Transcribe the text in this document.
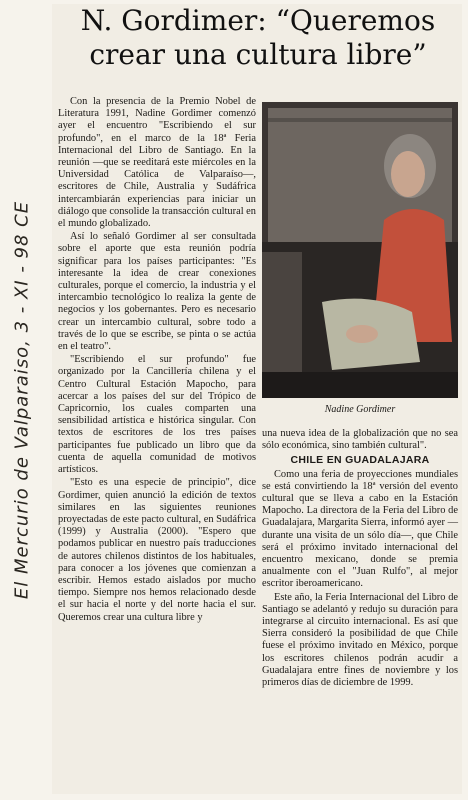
El Mercurio de Valparaiso, 3 - XI - 98 CE
N. Gordimer: “Queremos crear una cultura libre”

Con la presencia de la Premio Nobel de Literatura 1991, Nadine Gordimer comenzó ayer el encuentro "Escribiendo el sur profundo", en el marco de la 18ª Feria Internacional del Libro de Santiago. En la reunión —que se reeditará este miércoles en la Universidad Católica de Valparaíso—, escritores de Chile, Australia y Sudáfrica intercambiarán experiencias para iniciar un diálogo que consolide la transacción cultural en el mundo globalizado.

Así lo señaló Gordimer al ser consultada sobre el aporte que esta reunión podría significar para los países participantes: "Es interesante la idea de crear conexiones culturales, porque el comercio, la industria y el intercambio tecnológico lo realiza la gente de negocios y los gobernantes. Pero es necesario crear un intercambio cultural, sobre todo a través de lo que se escribe, se pinta o se actúa en el teatro".

"Escribiendo el sur profundo" fue organizado por la Cancillería chilena y el Centro Cultural Estación Mapocho, para acercar a los países del sur del Trópico de Capricornio, los cuales comparten una sensibilidad artística e histórica singular. Con textos de escritores de los tres países participantes fue publicado un libro que da cuenta de aquella comunidad de motivos artísticos.

"Esto es una especie de principio", dice Gordimer, quien anunció la edición de textos similares en las siguientes reuniones proyectadas de este pacto cultural, en Sudáfrica (1999) y Australia (2000). "Espero que podamos publicar en nuestro país traducciones de autores chilenos distintos de los habituales, para conocer a los jóvenes que comienzan a escribir. Hemos estado aislados por mucho tiempo. Siempre nos hemos relacionado desde el sur hacia el norte y del norte hacia el sur. Queremos crear una cultura libre y

Nadine Gordimer

una nueva idea de la globalización que no sea sólo económica, sino también cultural".

CHILE EN GUADALAJARA

Como una feria de proyecciones mundiales se está convirtiendo la 18ª versión del evento cultural que se lleva a cabo en la Estación Mapocho. La directora de la Feria del Libro de Guadalajara, Margarita Sierra, informó ayer —durante una visita de un sólo día—, que Chile será el próximo invitado internacional del encuentro mexicano, donde se premia anualmente con el "Juan Rulfo", al mejor escritor iberoamericano.

Este año, la Feria Internacional del Libro de Santiago se adelantó y redujo su duración para integrarse al circuito internacional. Es así que Sierra consideró la posibilidad de que Chile fuese el próximo invitado en México, porque los escritores chilenos podrán acudir a Guadalajara entre fines de noviembre y los primeros días de diciembre de 1999.
